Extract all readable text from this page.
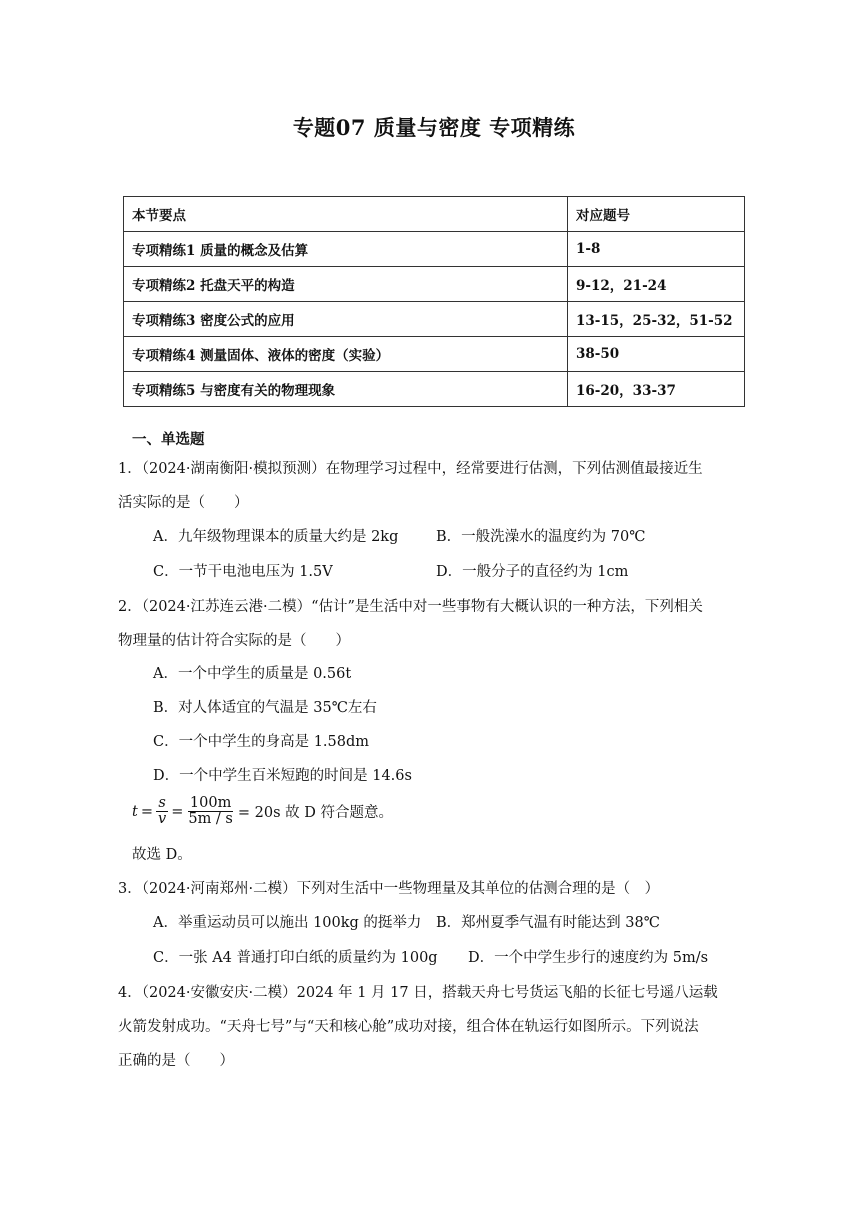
专题07 质量与密度 专项精练
本节要点	对应题号
专项精练1 质量的概念及估算	1-8
专项精练2 托盘天平的构造	9-12，21-24
专项精练3 密度公式的应用	13-15，25-32，51-52
专项精练4 测量固体、液体的密度（实验）	38-50
专项精练5 与密度有关的物理现象	16-20，33-37
一、单选题
1．（2024·湖南衡阳·模拟预测）在物理学习过程中，经常要进行估测，下列估测值最接近生
活实际的是（　　）
A．九年级物理课本的质量大约是 2kg	B．一般洗澡水的温度约为 70℃
C．一节干电池电压为 1.5V	D．一般分子的直径约为 1cm
2．（2024·江苏连云港·二模）“估计”是生活中对一些事物有大概认识的一种方法，下列相关
物理量的估计符合实际的是（　　）
A．一个中学生的质量是 0.56t
B．对人体适宜的气温是 35℃左右
C．一个中学生的身高是 1.58dm
D．一个中学生百米短跑的时间是 14.6s
$t = \frac{s}{v} = \frac{100m}{5m / s} = 20s$ 故 D 符合题意。
故选 D。
3．（2024·河南郑州·二模）下列对生活中一些物理量及其单位的估测合理的是（　）
A．举重运动员可以施出 100kg 的挺举力 B．郑州夏季气温有时能达到 38℃
C．一张 A4 普通打印白纸的质量约为 100g D．一个中学生步行的速度约为 5m/s
4．（2024·安徽安庆·二模）2024 年 1 月 17 日，搭载天舟七号货运飞船的长征七号遥八运载
火箭发射成功。“天舟七号”与“天和核心舱”成功对接，组合体在轨运行如图所示。下列说法
正确的是（　　）
